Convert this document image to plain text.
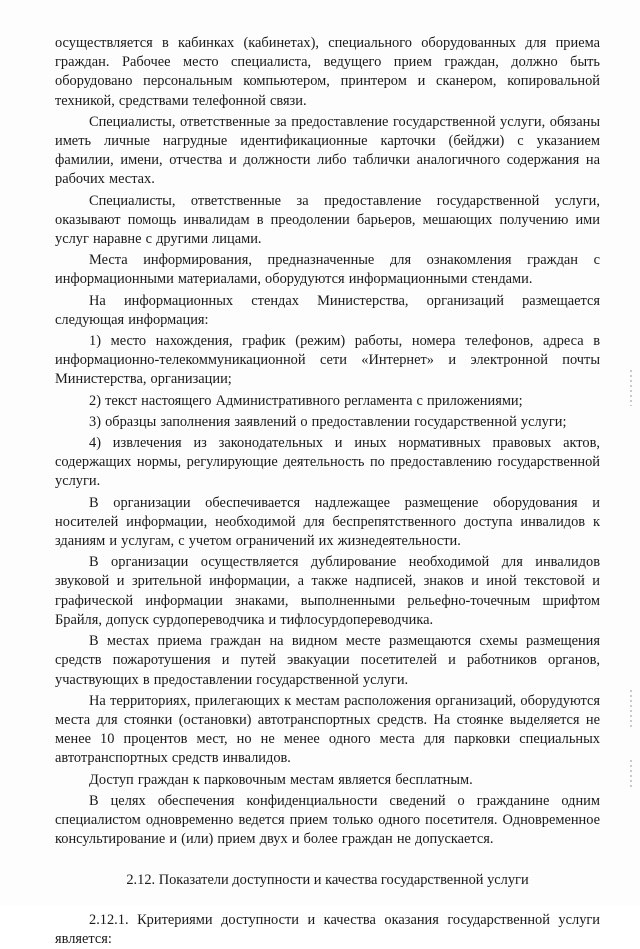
осуществляется в кабинках (кабинетах), специального оборудованных для приема граждан. Рабочее место специалиста, ведущего прием граждан, должно быть оборудовано персональным компьютером, принтером и сканером, копировальной техникой, средствами телефонной связи.

Специалисты, ответственные за предоставление государственной услуги, обязаны иметь личные нагрудные идентификационные карточки (бейджи) с указанием фамилии, имени, отчества и должности либо таблички аналогичного содержания на рабочих местах.

Специалисты, ответственные за предоставление государственной услуги, оказывают помощь инвалидам в преодолении барьеров, мешающих получению ими услуг наравне с другими лицами.

Места информирования, предназначенные для ознакомления граждан с информационными материалами, оборудуются информационными стендами.

На информационных стендах Министерства, организаций размещается следующая информация:

1) место нахождения, график (режим) работы, номера телефонов, адреса в информационно-телекоммуникационной сети «Интернет» и электронной почты Министерства, организации;

2) текст настоящего Административного регламента с приложениями;

3) образцы заполнения заявлений о предоставлении государственной услуги;

4) извлечения из законодательных и иных нормативных правовых актов, содержащих нормы, регулирующие деятельность по предоставлению государственной услуги.

В организации обеспечивается надлежащее размещение оборудования и носителей информации, необходимой для беспрепятственного доступа инвалидов к зданиям и услугам, с учетом ограничений их жизнедеятельности.

В организации осуществляется дублирование необходимой для инвалидов звуковой и зрительной информации, а также надписей, знаков и иной текстовой и графической информации знаками, выполненными рельефно-точечным шрифтом Брайля, допуск сурдопереводчика и тифлосурдопереводчика.

В местах приема граждан на видном месте размещаются схемы размещения средств пожаротушения и путей эвакуации посетителей и работников органов, участвующих в предоставлении государственной услуги.

На территориях, прилегающих к местам расположения организаций, оборудуются места для стоянки (остановки) автотранспортных средств. На стоянке выделяется не менее 10 процентов мест, но не менее одного места для парковки специальных автотранспортных средств инвалидов.

Доступ граждан к парковочным местам является бесплатным.

В целях обеспечения конфиденциальности сведений о гражданине одним специалистом одновременно ведется прием только одного посетителя. Одновременное консультирование и (или) прием двух и более граждан не допускается.

2.12. Показатели доступности и качества государственной услуги

2.12.1. Критериями доступности и качества оказания государственной услуги является:
